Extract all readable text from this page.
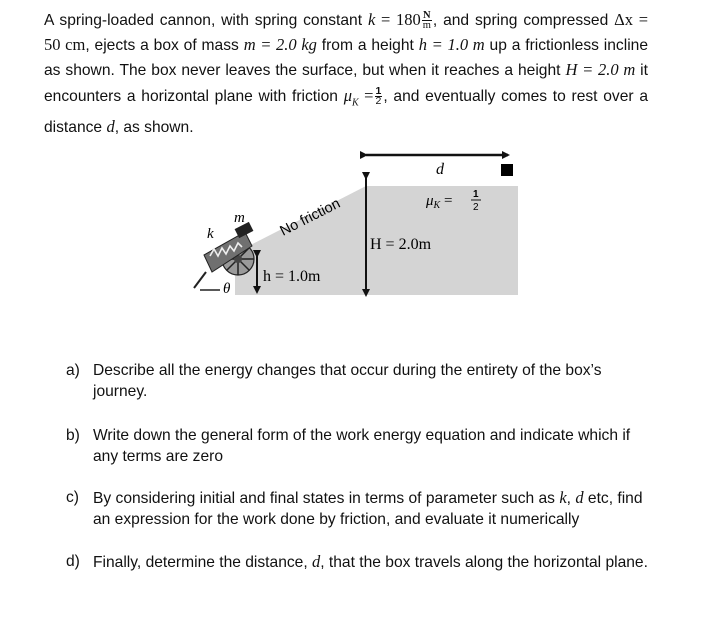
A spring-loaded cannon, with spring constant $k = 180 \frac{N}{m}$ , and spring compressed Δx = 50 cm, ejects a box of mass m = 2.0 kg from a height h = 1.0 m up a frictionless incline as shown. The box never leaves the surface, but when it reaches a height H = 2.0 m it encounters a horizontal plane with friction $\mu_K = \frac{1}{2}$ , and eventually comes to rest over a distance d, as shown.
m
k
θ
h = 1.0m
No friction
H = 2.0m
d
$\mu_K = 1$
2
a) Describe all the energy changes that occur during the entirety of the box’s journey.
b) Write down the general form of the work energy equation and indicate which if any terms are zero
c) By considering initial and final states in terms of parameter such as k, d etc, find an expression for the work done by friction, and evaluate it numerically
d) Finally, determine the distance, d, that the box travels along the horizontal plane.
